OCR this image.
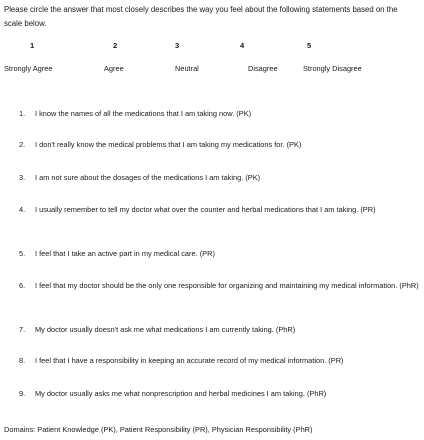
Please circle the answer that most closely describes the way you feel about the following statements based on the scale below.
1	2	3	4	5
Strongly Agree	Agree	Neutral	Disagree	Strongly Disagree
1.	I know the names of all the medications that I am taking now. (PK)
2.	I don't really know the medical problems that I am taking my medications for. (PK)
3.	I am not sure about the dosages of the medications I am taking. (PK)
4.	I usually remember to tell my doctor what over the counter and herbal medications that I am taking. (PR)
5.	I feel that I take an active part in my medical care. (PR)
6.	I feel that my doctor should be the only one responsible for organizing and maintaining my medical information. (PhR)
7.	My doctor usually doesn't ask me what medications I am currently taking. (PhR)
8.	I feel that I have a responsibility in keeping an accurate record of my medical information. (PR)
9.	My doctor usually asks me what nonprescription and herbal medicines I am taking. (PhR)
Domains: Patient Knowledge (PK), Patient Responsibility (PR), Physician Responsibility (PhR)
